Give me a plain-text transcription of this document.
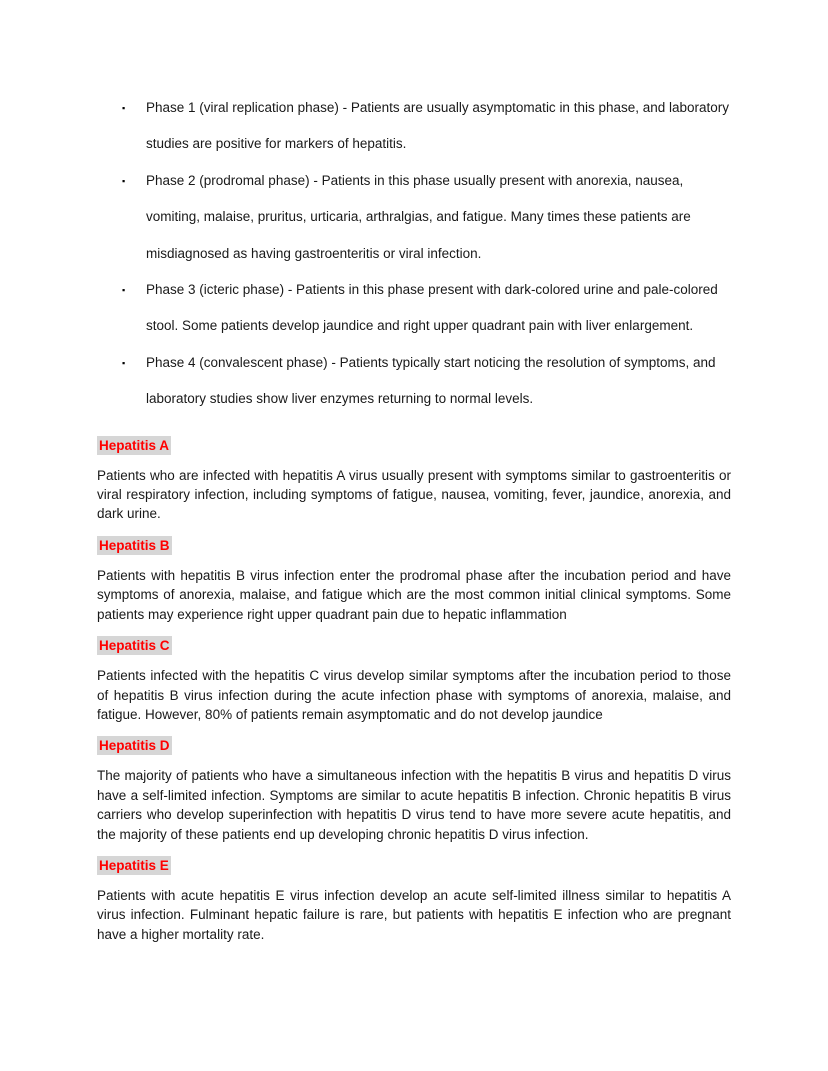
▪	Phase 1 (viral replication phase) - Patients are usually asymptomatic in this phase, and laboratory studies are positive for markers of hepatitis.
▪	Phase 2 (prodromal phase) - Patients in this phase usually present with anorexia, nausea, vomiting, malaise, pruritus, urticaria, arthralgias, and fatigue. Many times these patients are misdiagnosed as having gastroenteritis or viral infection.
▪	Phase 3 (icteric phase) - Patients in this phase present with dark-colored urine and pale-colored stool. Some patients develop jaundice and right upper quadrant pain with liver enlargement.
▪	Phase 4 (convalescent phase) - Patients typically start noticing the resolution of symptoms, and laboratory studies show liver enzymes returning to normal levels.
Hepatitis A

Patients who are infected with hepatitis A virus usually present with symptoms similar to gastroenteritis or viral respiratory infection, including symptoms of fatigue, nausea, vomiting, fever, jaundice, anorexia, and dark urine.

Hepatitis B

Patients with hepatitis B virus infection enter the prodromal phase after the incubation period and have symptoms of anorexia, malaise, and fatigue which are the most common initial clinical symptoms. Some patients may experience right upper quadrant pain due to hepatic inflammation

Hepatitis C

Patients infected with the hepatitis C virus develop similar symptoms after the incubation period to those of hepatitis B virus infection during the acute infection phase with symptoms of anorexia, malaise, and fatigue. However, 80% of patients remain asymptomatic and do not develop jaundice

Hepatitis D

The majority of patients who have a simultaneous infection with the hepatitis B virus and hepatitis D virus have a self-limited infection. Symptoms are similar to acute hepatitis B infection. Chronic hepatitis B virus carriers who develop superinfection with hepatitis D virus tend to have more severe acute hepatitis, and the majority of these patients end up developing chronic hepatitis D virus infection.

Hepatitis E

Patients with acute hepatitis E virus infection develop an acute self-limited illness similar to hepatitis A virus infection. Fulminant hepatic failure is rare, but patients with hepatitis E infection who are pregnant have a higher mortality rate.
